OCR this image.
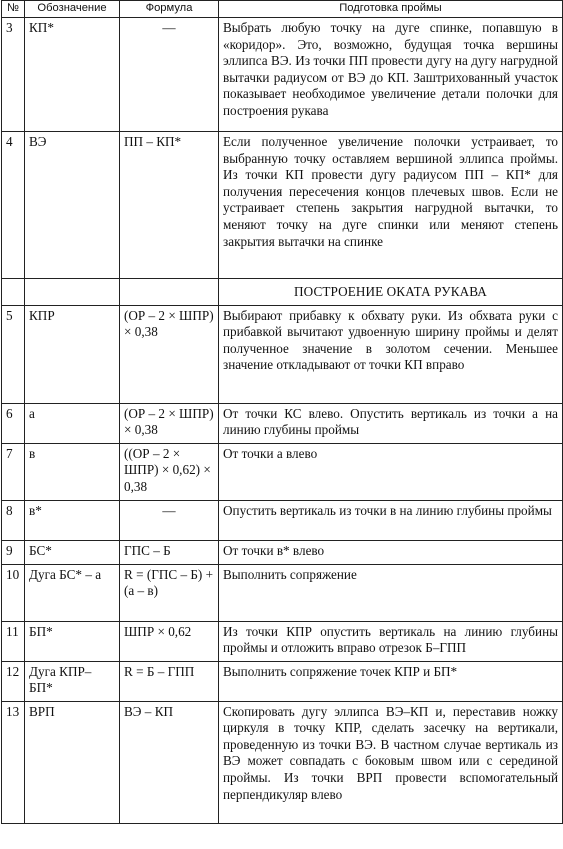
№	Обозначение	Формула	Подготовка проймы
3	КП*	—	Выбрать любую точку на дуге спинке, попавшую в «коридор». Это, возможно, будущая точка вершины эллипса ВЭ. Из точки ПП провести дугу на дугу нагрудной вытачки радиусом от ВЭ до КП. Заштрихованный участок показывает необходимое увеличение детали полочки для построения рукава
4	ВЭ	ПП – КП*	Если полученное увеличение полочки устраивает, то выбранную точку оставляем вершиной эллипса проймы. Из точки КП провести дугу радиусом ПП – КП* для получения пересечения концов плечевых швов. Если не устраивает степень закрытия нагрудной вытачки, то меняют точку на дуге спинки или меняют степень закрытия вытачки на спинке
			ПОСТРОЕНИЕ ОКАТА РУКАВА
5	КПР	(ОР – 2 × ШПР) × 0,38	Выбирают прибавку к обхвату руки. Из обхвата руки с прибавкой вычитают удвоенную ширину проймы и делят полученное значение в золотом сечении. Меньшее значение откладывают от точки КП вправо
6	а	(ОР – 2 × ШПР) × 0,38	От точки КС влево. Опустить вертикаль из точки а на линию глубины проймы
7	в	((ОР – 2 × ШПР) × 0,62) × 0,38	От точки а влево
8	в*	—	Опустить вертикаль из точки в на линию глубины проймы
9	БС*	ГПС – Б	От точки в* влево
10	Дуга БС* – а	R = (ГПС – Б) + (а – в)	Выполнить сопряжение
11	БП*	ШПР × 0,62	Из точки КПР опустить вертикаль на линию глубины проймы и отложить вправо отрезок Б–ГПП
12	Дуга КПР– БП*	R = Б – ГПП	Выполнить сопряжение точек КПР и БП*
13	ВРП	ВЭ – КП	Скопировать дугу эллипса ВЭ–КП и, переставив ножку циркуля в точку КПР, сделать засечку на вертикали, проведенную из точки ВЭ. В частном случае вертикаль из ВЭ может совпадать с боковым швом или с серединой проймы. Из точки ВРП провести вспомогательный перпендикуляр влево
